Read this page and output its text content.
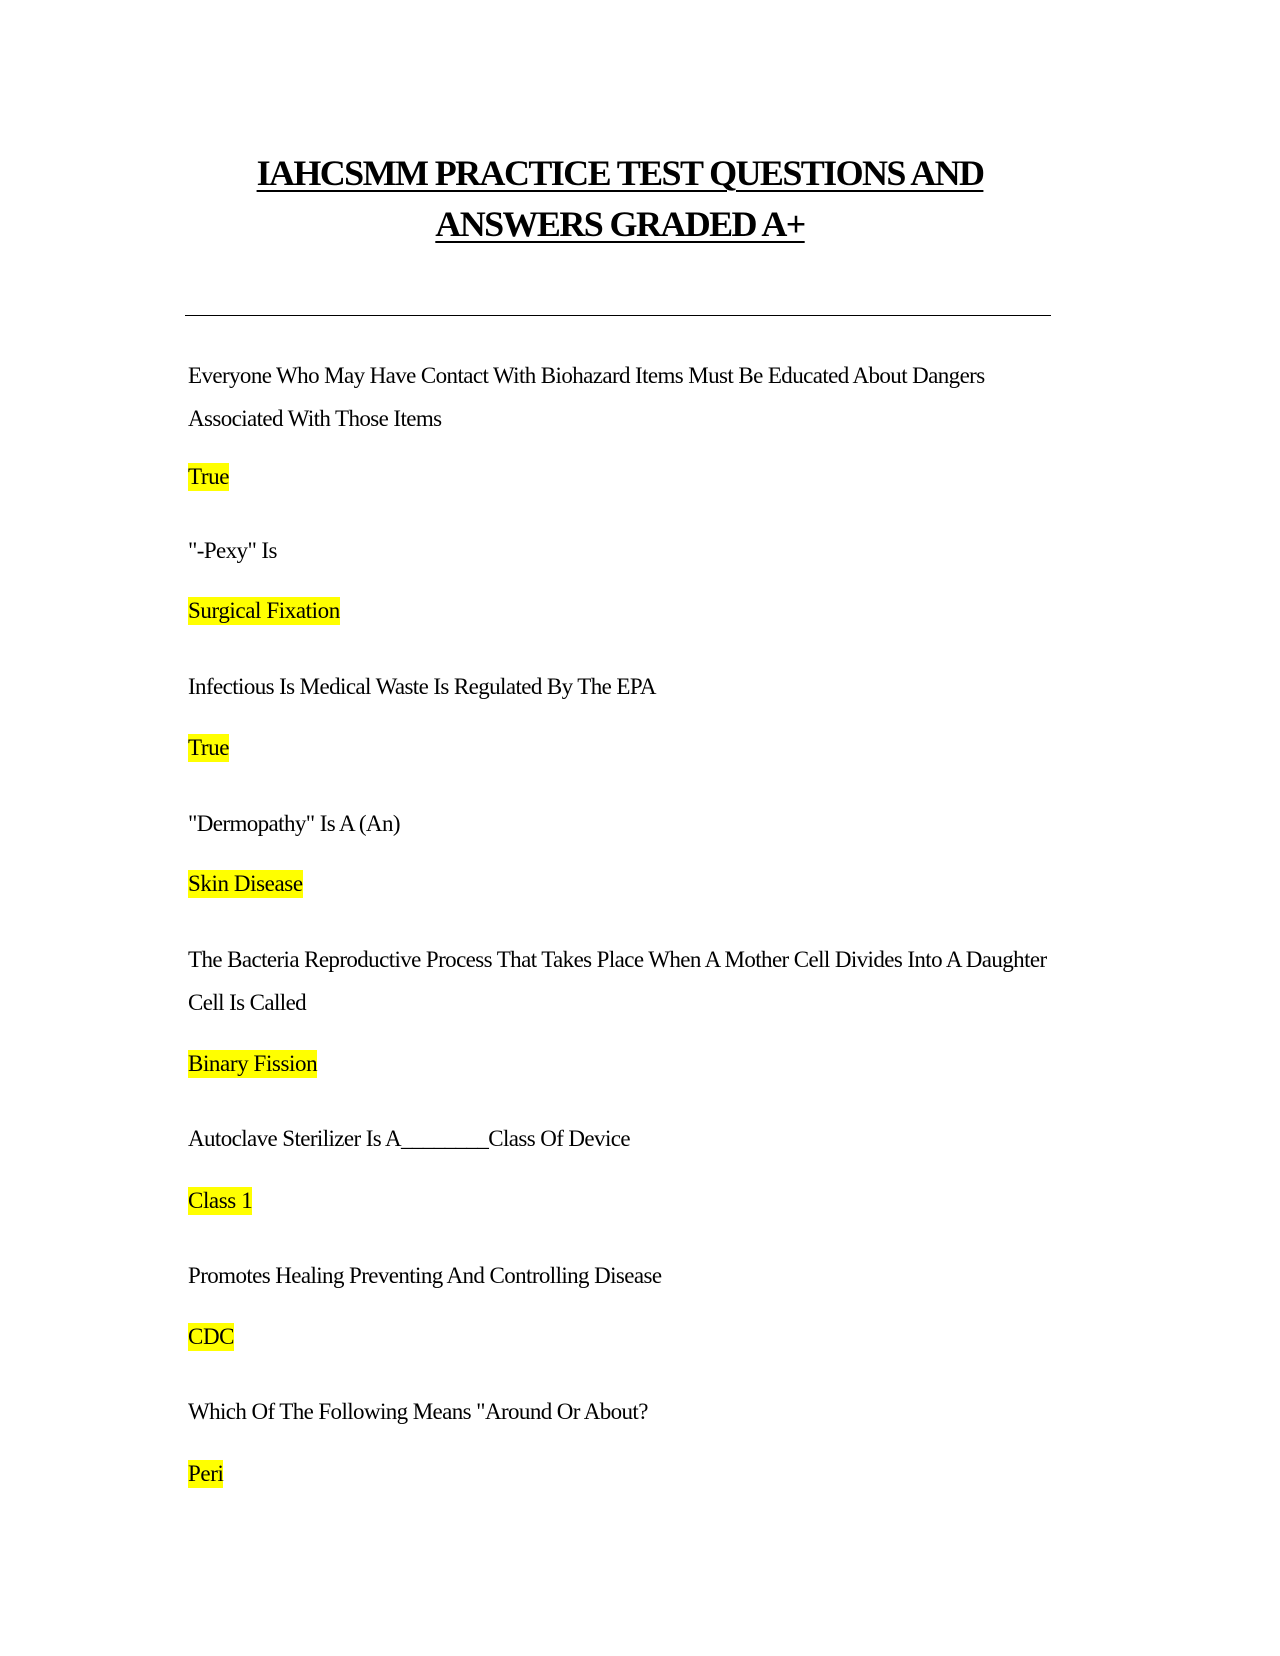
IAHCSMM PRACTICE TEST QUESTIONS AND
ANSWERS GRADED A+

Everyone Who May Have Contact With Biohazard Items Must Be Educated About Dangers Associated With Those Items

True

"-Pexy" Is

Surgical Fixation

Infectious Is Medical Waste Is Regulated By The EPA

True

"Dermopathy" Is A (An)

Skin Disease

The Bacteria Reproductive Process That Takes Place When A Mother Cell Divides Into A Daughter Cell Is Called

Binary Fission

Autoclave Sterilizer Is A________Class Of Device

Class 1

Promotes Healing Preventing And Controlling Disease

CDC

Which Of The Following Means "Around Or About?

Peri
